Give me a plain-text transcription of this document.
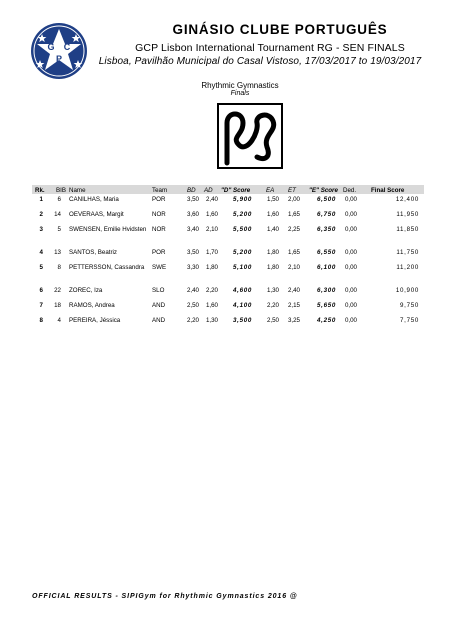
G C
P
GINÁSIO CLUBE PORTUGUÊS
GCP Lisbon International Tournament RG - SEN FINALS
Lisboa, Pavilhão Municipal do Casal Vistoso, 17/03/2017 to 19/03/2017
Rhythmic Gymnastics
Finals
Rk. BIB Name	Team	BD AD "D" Score	EA ET "E" Score Ded. Final Score
1	6 CANILHAS, Maria	POR	3,50	2,40	5,900	1,50	2,00	6,500	0,00	12,400
2	14 OEVERAAS, Margit	NOR	3,60	1,60	5,200	1,60	1,65	6,750	0,00	11,950
3	5 SWENSEN, Emilie Hvidsten NOR	3,40	2,10	5,500	1,40	2,25	6,350	0,00	11,850
4	13 SANTOS, Beatriz	POR	3,50	1,70	5,200	1,80	1,65	6,550	0,00	11,750
5	8 PETTERSSON, Cassandra	SWE	3,30	1,80	5,100	1,80	2,10	6,100	0,00	11,200
6	22 ZOREC, Iza	SLO	2,40	2,20	4,600	1,30	2,40	6,300	0,00	10,900
7	18 RAMOS, Andrea	AND	2,50	1,60	4,100	2,20	2,15	5,650	0,00	9,750
8	4 PEREIRA, Jéssica	AND	2,20	1,30	3,500	2,50	3,25	4,250	0,00	7,750
OFFICIAL RESULTS - SIPIGym for Rhythmic Gymnastics 2016 @
